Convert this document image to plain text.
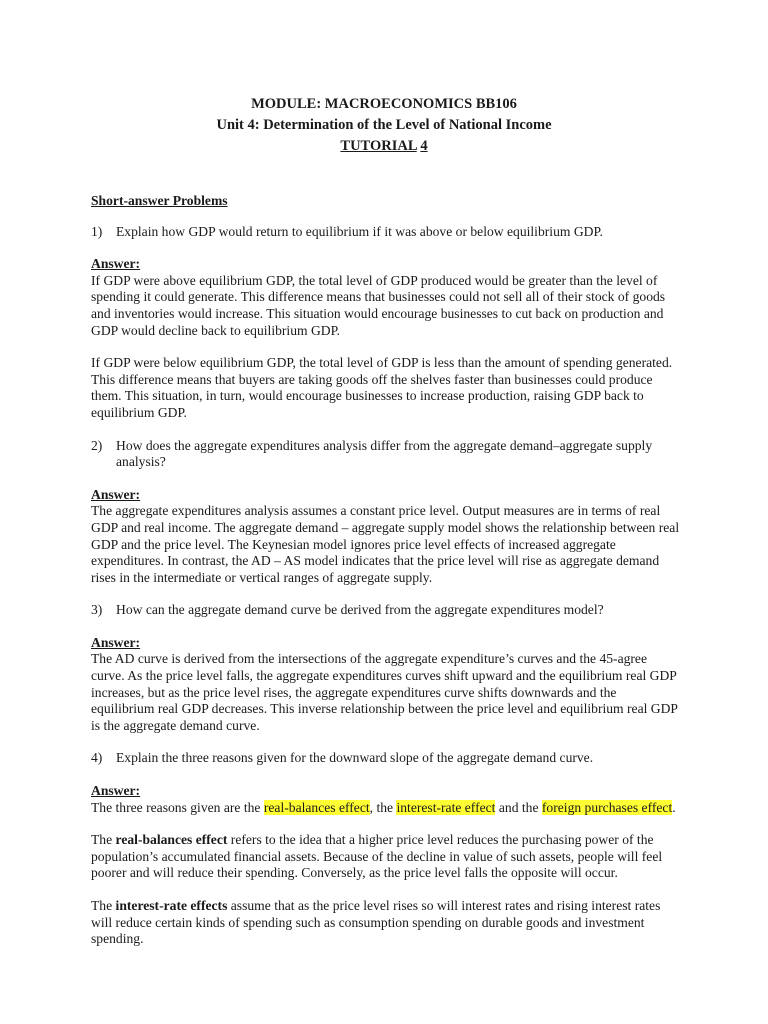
MODULE: MACROECONOMICS BB106
Unit 4: Determination of the Level of National Income
TUTORIAL 4
Short-answer Problems
1)	Explain how GDP would return to equilibrium if it was above or below equilibrium GDP.
Answer:

If GDP were above equilibrium GDP, the total level of GDP produced would be greater than the level of spending it could generate. This difference means that businesses could not sell all of their stock of goods and inventories would increase. This situation would encourage businesses to cut back on production and GDP would decline back to equilibrium GDP.

If GDP were below equilibrium GDP, the total level of GDP is less than the amount of spending generated. This difference means that buyers are taking goods off the shelves faster than businesses could produce them. This situation, in turn, would encourage businesses to increase production, raising GDP back to equilibrium GDP.

2)	How does the aggregate expenditures analysis differ from the aggregate demand–aggregate supply analysis?
Answer:

The aggregate expenditures analysis assumes a constant price level. Output measures are in terms of real GDP and real income. The aggregate demand – aggregate supply model shows the relationship between real GDP and the price level. The Keynesian model ignores price level effects of increased aggregate expenditures. In contrast, the AD – AS model indicates that the price level will rise as aggregate demand rises in the intermediate or vertical ranges of aggregate supply.

3)	How can the aggregate demand curve be derived from the aggregate expenditures model?
Answer:

The AD curve is derived from the intersections of the aggregate expenditure’s curves and the 45-agree curve. As the price level falls, the aggregate expenditures curves shift upward and the equilibrium real GDP increases, but as the price level rises, the aggregate expenditures curve shifts downwards and the equilibrium real GDP decreases. This inverse relationship between the price level and equilibrium real GDP is the aggregate demand curve.

4)	Explain the three reasons given for the downward slope of the aggregate demand curve.
Answer:

The three reasons given are the real-balances effect, the interest-rate effect and the foreign purchases effect.

The real-balances effect refers to the idea that a higher price level reduces the purchasing power of the population’s accumulated financial assets. Because of the decline in value of such assets, people will feel poorer and will reduce their spending. Conversely, as the price level falls the opposite will occur.

The interest-rate effects assume that as the price level rises so will interest rates and rising interest rates will reduce certain kinds of spending such as consumption spending on durable goods and investment spending.
